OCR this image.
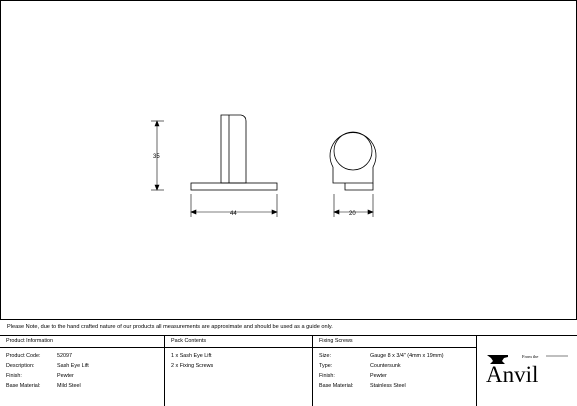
35
44	20
Please Note, due to the hand crafted nature of our products all measurements are approximate and should be used as a guide only.
Product Information
Product Code:	52097
Description:	Sash Eye Lift
Finish:	Pewter
Base Material:	Mild Steel
Pack Contents
1 x Sash Eye Lift
2 x Fixing Screws
Fixing Screws
Size:	Gauge 8 x 3/4" (4mm x 19mm)
Type:	Countersunk
Finish:	Pewter
Base Material:	Stainless Steel
From the
Anvil
